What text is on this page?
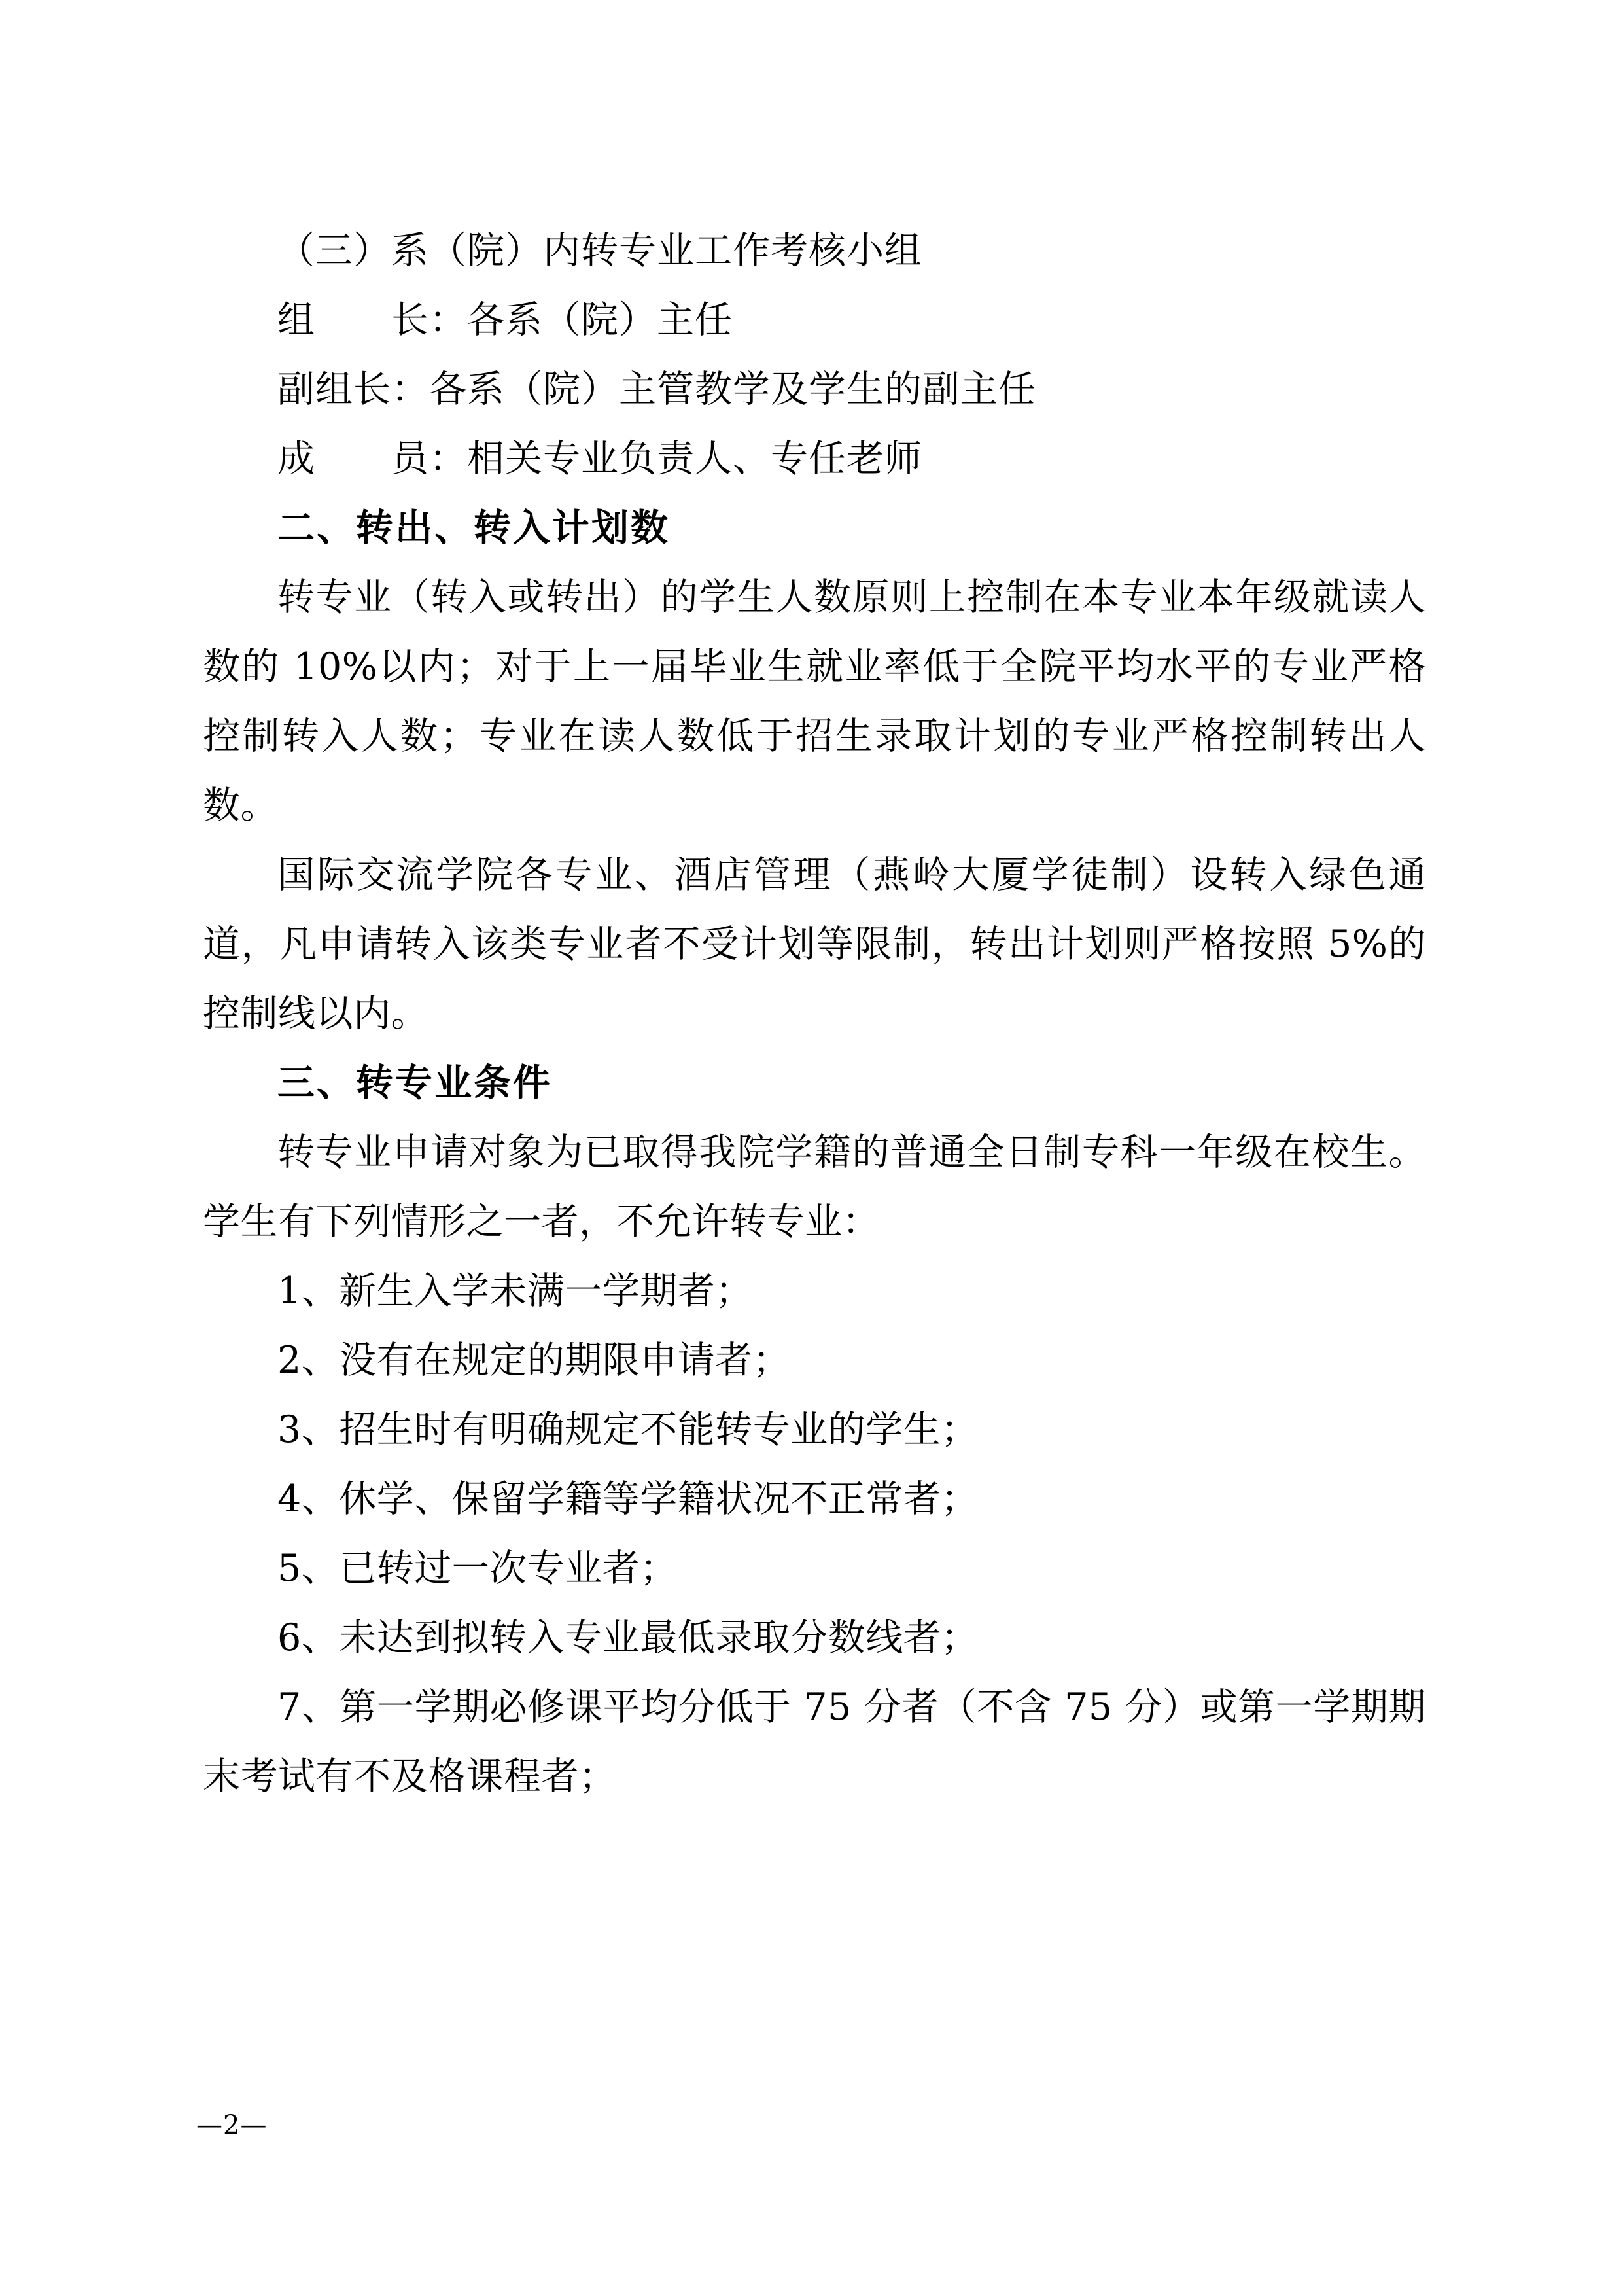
（三）系（院）内转专业工作考核小组
组　　长：各系（院）主任
副组长：各系（院）主管教学及学生的副主任
成　　员：相关专业负责人、专任老师
二、转出、转入计划数
转专业（转入或转出）的学生人数原则上控制在本专业本年级就读人数的 10%以内；对于上一届毕业生就业率低于全院平均水平的专业严格控制转入人数；专业在读人数低于招生录取计划的专业严格控制转出人数。
国际交流学院各专业、酒店管理（燕岭大厦学徒制）设转入绿色通道，凡申请转入该类专业者不受计划等限制，转出计划则严格按照 5%的控制线以内。
三、转专业条件
转专业申请对象为已取得我院学籍的普通全日制专科一年级在校生。学生有下列情形之一者，不允许转专业：
1、新生入学未满一学期者；
2、没有在规定的期限申请者；
3、招生时有明确规定不能转专业的学生；
4、休学、保留学籍等学籍状况不正常者；
5、已转过一次专业者；
6、未达到拟转入专业最低录取分数线者；
7、第一学期必修课平均分低于 75 分者（不含 75 分）或第一学期期末考试有不及格课程者；
—2—
